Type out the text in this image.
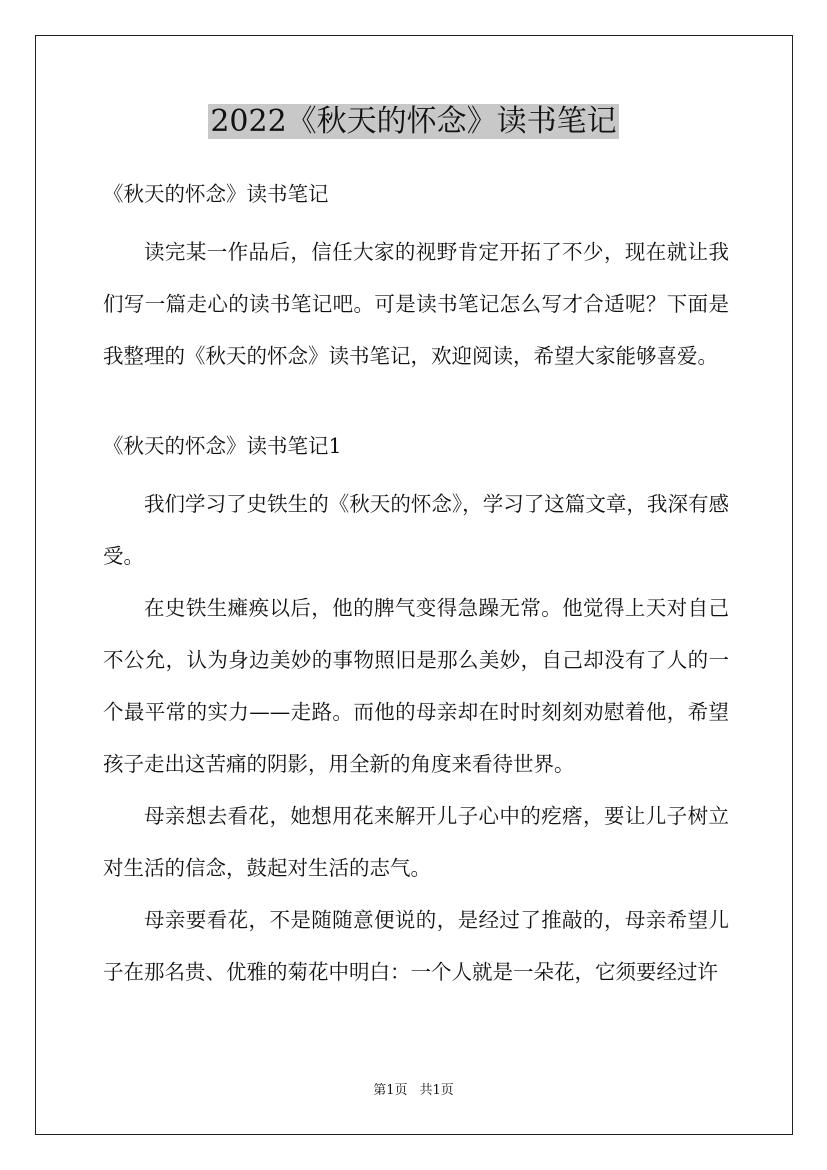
2022《秋天的怀念》读书笔记

《秋天的怀念》读书笔记

读完某一作品后，信任大家的视野肯定开拓了不少，现在就让我们写一篇走心的读书笔记吧。可是读书笔记怎么写才合适呢？下面是我整理的《秋天的怀念》读书笔记，欢迎阅读，希望大家能够喜爱。

《秋天的怀念》读书笔记1

我们学习了史铁生的《秋天的怀念》，学习了这篇文章，我深有感受。

在史铁生瘫痪以后，他的脾气变得急躁无常。他觉得上天对自己不公允，认为身边美妙的事物照旧是那么美妙，自己却没有了人的一个最平常的实力——走路。而他的母亲却在时时刻刻劝慰着他，希望孩子走出这苦痛的阴影，用全新的角度来看待世界。

母亲想去看花，她想用花来解开儿子心中的疙瘩，要让儿子树立对生活的信念，鼓起对生活的志气。

母亲要看花，不是随随意便说的，是经过了推敲的，母亲希望儿子在那名贵、优雅的菊花中明白：一个人就是一朵花，它须要经过许

第1页 共1页
